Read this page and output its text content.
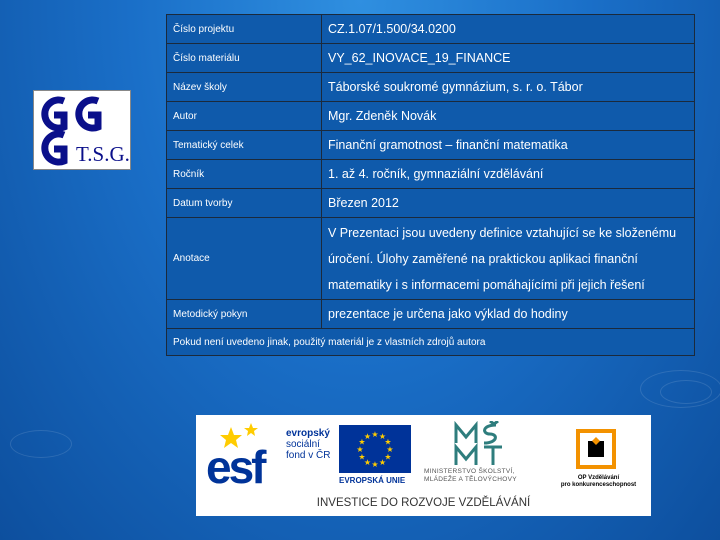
T.S.G.
Číslo projektu	CZ.1.07/1.500/34.0200
Číslo materiálu	VY_62_INOVACE_19_FINANCE
Název školy	Táborské soukromé gymnázium, s. r. o. Tábor
Autor	Mgr. Zdeněk Novák
Tematický celek	Finanční gramotnost – finanční matematika
Ročník	1. až 4. ročník, gymnaziální vzdělávání
Datum tvorby	Březen 2012
Anotace	V Prezentaci jsou uvedeny definice vztahující se ke složenému úročení. Úlohy zaměřené na praktickou aplikaci finanční matematiky i s informacemi pomáhajícími při jejich řešení
Metodický pokyn	prezentace je určena jako výklad do hodiny
Pokud není uvedeno jinak, použitý materiál je z vlastních zdrojů autora	
esf
evropský
sociální
fond v ČR
★ ★
★
★
★
★
★
★
★
★
★
★
EVROPSKÁ UNIE
MINISTERSTVO ŠKOLSTVÍ,
MLÁDEŽE A TĚLOVÝCHOVY	OP Vzdělávání
pro konkurenceschopnost
INVESTICE DO ROZVOJE VZDĚLÁVÁNÍ
